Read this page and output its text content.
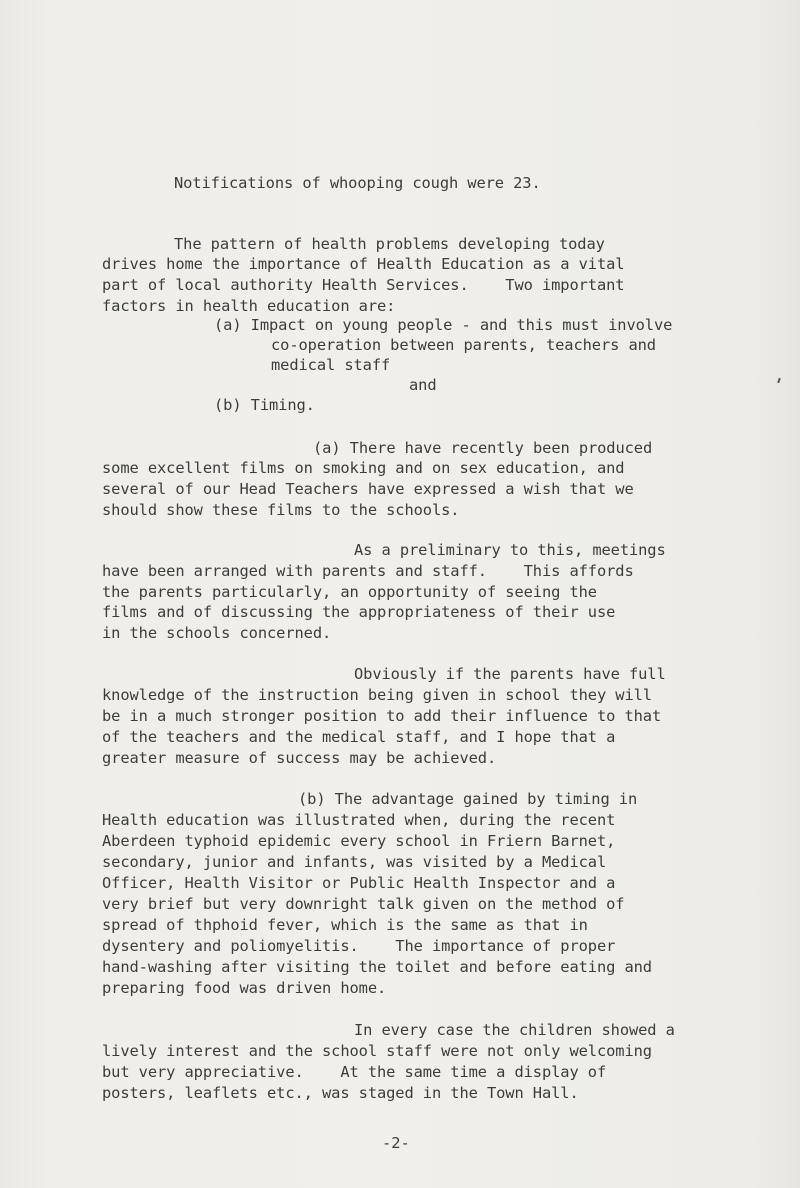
Notifications of whooping cough were 23.
The pattern of health problems developing today
drives home the importance of Health Education as a vital
part of local authority Health Services.    Two important
factors in health education are:
(a) Impact on young people - and this must involve
co-operation between parents, teachers and
medical staff
and
(b) Timing.
(a) There have recently been produced
some excellent films on smoking and on sex education, and
several of our Head Teachers have expressed a wish that we
should show these films to the schools.
As a preliminary to this, meetings
have been arranged with parents and staff.    This affords
the parents particularly, an opportunity of seeing the
films and of discussing the appropriateness of their use
in the schools concerned.
Obviously if the parents have full
knowledge of the instruction being given in school they will
be in a much stronger position to add their influence to that
of the teachers and the medical staff, and I hope that a
greater measure of success may be achieved.
(b) The advantage gained by timing in
Health education was illustrated when, during the recent
Aberdeen typhoid epidemic every school in Friern Barnet,
secondary, junior and infants, was visited by a Medical
Officer, Health Visitor or Public Health Inspector and a
very brief but very downright talk given on the method of
spread of thphoid fever, which is the same as that in
dysentery and poliomyelitis.    The importance of proper
hand-washing after visiting the toilet and before eating and
preparing food was driven home.
In every case the children showed a
lively interest and the school staff were not only welcoming
but very appreciative.    At the same time a display of
posters, leaflets etc., was staged in the Town Hall.
-2-
